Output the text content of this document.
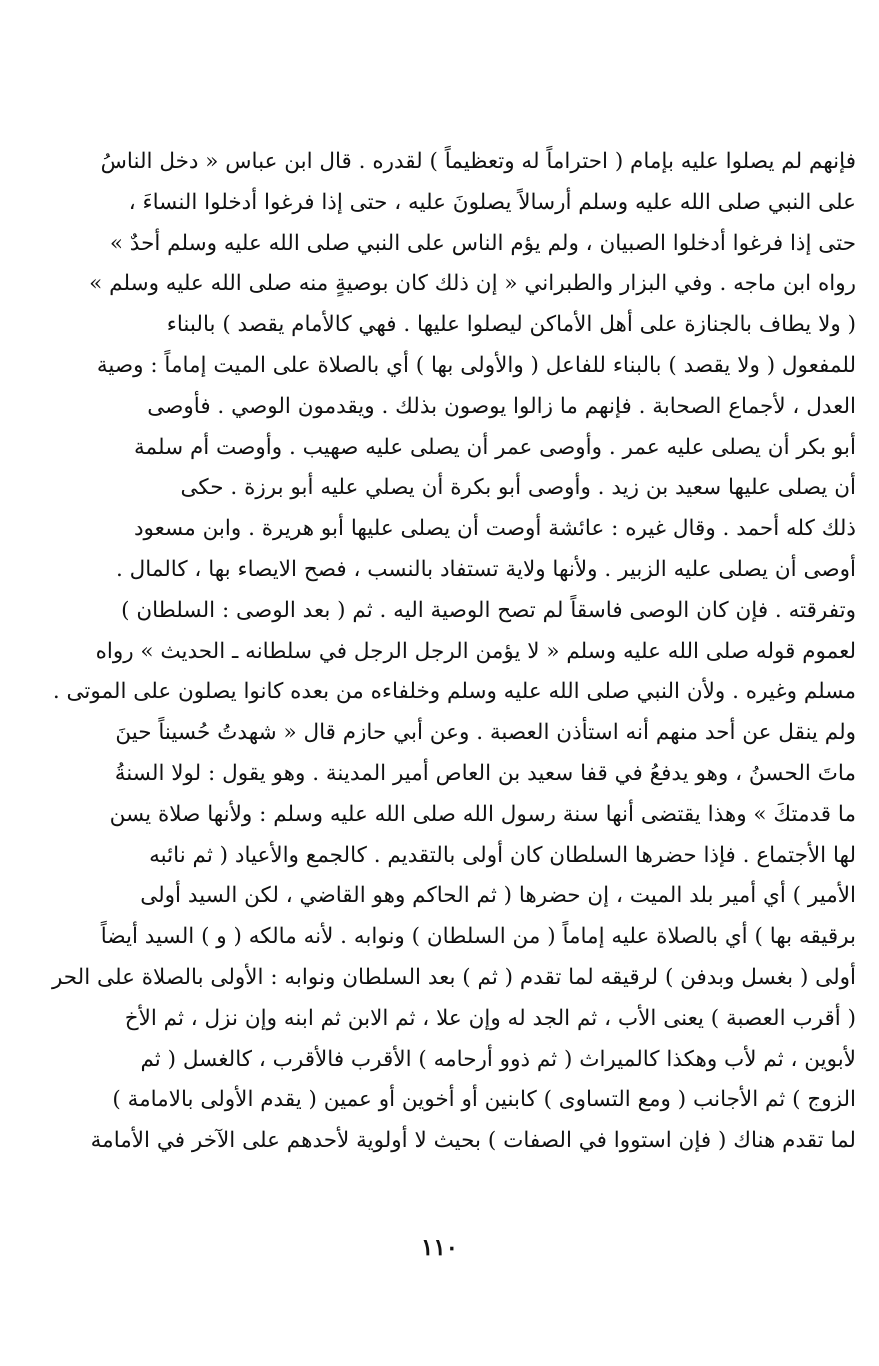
فإنهم لم يصلوا عليه بإمام ( احتراماً له وتعظيماً ) لقدره . قال ابن عباس « دخل الناسُ
على النبي صلى الله عليه وسلم أرسالاً يصلونَ عليه ، حتى إذا فرغوا أدخلوا النساءَ ،
حتى إذا فرغوا أدخلوا الصبيان ، ولم يؤم الناس على النبي صلى الله عليه وسلم أحدٌ »
رواه ابن ماجه . وفي البزار والطبراني « إن ذلك كان بوصيةٍ منه صلى الله عليه وسلم »
( ولا يطاف بالجنازة على أهل الأماكن ليصلوا عليها . فهي كالأمام يقصد ) بالبناء
للمفعول ( ولا يقصد ) بالبناء للفاعل ( والأولى بها ) أي بالصلاة على الميت إماماً : وصية
العدل ، لأجماع الصحابة . فإنهم ما زالوا يوصون بذلك . ويقدمون الوصي . فأوصى
أبو بكر أن يصلى عليه عمر . وأوصى عمر أن يصلى عليه صهيب . وأوصت أم سلمة
أن يصلى عليها سعيد بن زيد . وأوصى أبو بكرة أن يصلي عليه أبو برزة . حكى
ذلك كله أحمد . وقال غيره : عائشة أوصت أن يصلى عليها أبو هريرة . وابن مسعود
أوصى أن يصلى عليه الزبير . ولأنها ولاية تستفاد بالنسب ، فصح الايصاء بها ، كالمال .
وتفرقته . فإن كان الوصى فاسقاً لم تصح الوصية اليه . ثم ( بعد الوصى : السلطان )
لعموم قوله صلى الله عليه وسلم « لا يؤمن الرجل الرجل في سلطانه ـ الحديث » رواه
مسلم وغيره . ولأن النبي صلى الله عليه وسلم وخلفاءه من بعده كانوا يصلون على الموتى .
ولم ينقل عن أحد منهم أنه استأذن العصبة . وعن أبي حازم قال « شهدتُ حُسيناً حينَ
ماتَ الحسنُ ، وهو يدفعُ في قفا سعيد بن العاص أمير المدينة . وهو يقول : لولا السنةُ
ما قدمتكَ » وهذا يقتضى أنها سنة رسول الله صلى الله عليه وسلم : ولأنها صلاة يسن
لها الأجتماع . فإذا حضرها السلطان كان أولى بالتقديم . كالجمع والأعياد ( ثم نائبه
الأمير ) أي أمير بلد الميت ، إن حضرها ( ثم الحاكم وهو القاضي ، لكن السيد أولى
برقيقه بها ) أي بالصلاة عليه إماماً ( من السلطان ) ونوابه . لأنه مالكه ( و ) السيد أيضاً
أولى ( بغسل وبدفن ) لرقيقه لما تقدم ( ثم ) بعد السلطان ونوابه : الأولى بالصلاة على الحر
( أقرب العصبة ) يعنى الأب ، ثم الجد له وإن علا ، ثم الابن ثم ابنه وإن نزل ، ثم الأخ
لأبوين ، ثم لأب وهكذا كالميراث ( ثم ذوو أرحامه ) الأقرب فالأقرب ، كالغسل ( ثم
الزوج ) ثم الأجانب ( ومع التساوى ) كابنين أو أخوين أو عمين ( يقدم الأولى بالامامة )
لما تقدم هناك ( فإن استووا في الصفات ) بحيث لا أولوية لأحدهم على الآخر في الأمامة
١١٠
